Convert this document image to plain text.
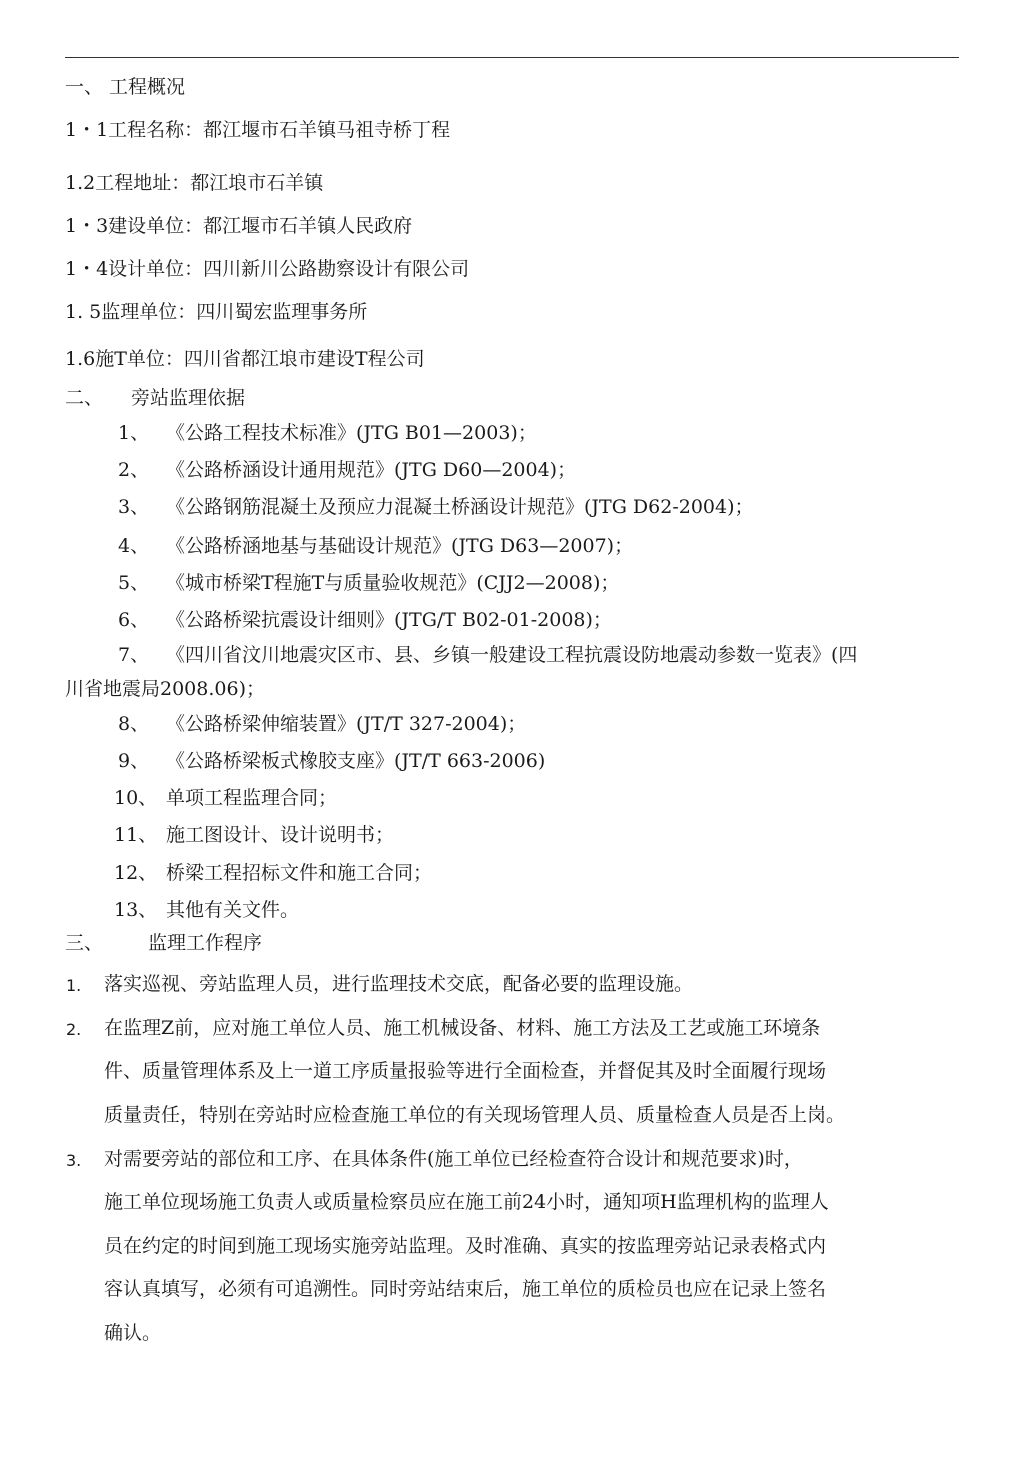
一、 工程概况
1・1工程名称：都江堰市石羊镇马祖寺桥丁程
1.2工程地址：都江埌市石羊镇
1・3建设单位：都江堰市石羊镇人民政府
1・4设计单位：四川新川公路勘察设计有限公司
1. 5监理单位：四川蜀宏监理事务所
1.6施T单位：四川省都江埌市建设T程公司
二、 旁站监理依据
1、 《公路工程技术标准》(JTG B01—2003)；
2、 《公路桥涵设计通用规范》(JTG D60—2004)；
3、 《公路钢筋混凝土及预应力混凝土桥涵设计规范》(JTG D62-2004)；
4、 《公路桥涵地基与基础设计规范》(JTG D63—2007)；
5、 《城市桥梁T程施T与质量验收规范》(CJJ2—2008)；
6、 《公路桥梁抗震设计细则》(JTG/T B02-01-2008)；
7、 《四川省汶川地震灾区市、县、乡镇一般建设工程抗震设防地震动参数一览表》(四
川省地震局2008.06)；
8、 《公路桥梁伸缩装置》(JT/T 327-2004)；
9、 《公路桥梁板式橡胶支座》(JT/T 663-2006)
10、 单项工程监理合同；
11、 施工图设计、设计说明书；
12、 桥梁工程招标文件和施工合同；
13、 其他有关文件。
三、 监理工作程序
1. 落实巡视、旁站监理人员，进行监理技术交底，配备必要的监理设施。
2. 在监理Z前，应对施工单位人员、施工机械设备、材料、施工方法及工艺或施工环境条
件、质量管理体系及上一道工序质量报验等进行全面检查，并督促其及时全面履行现场
质量责任，特别在旁站时应检查施工单位的有关现场管理人员、质量检查人员是否上岗。
3. 对需要旁站的部位和工序、在具体条件(施工单位已经检查符合设计和规范要求)时，
施工单位现场施工负责人或质量检察员应在施工前24小时，通知项H监理机构的监理人
员在约定的时间到施工现场实施旁站监理。及时准确、真实的按监理旁站记录表格式内
容认真填写，必须有可追溯性。同时旁站结束后，施工单位的质检员也应在记录上签名
确认。
